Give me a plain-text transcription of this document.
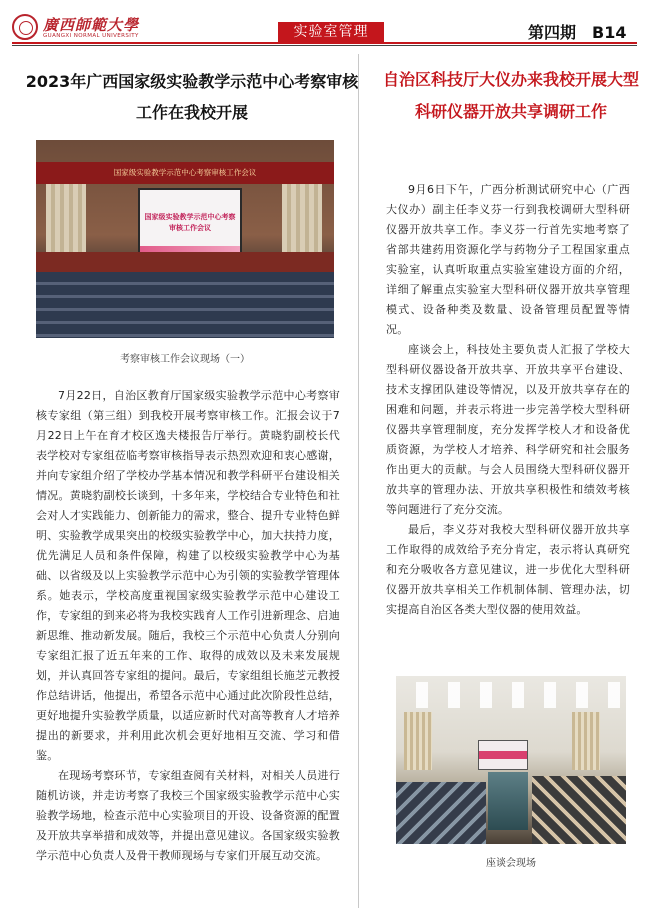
廣西師範大學
GUANGXI NORMAL UNIVERSITY	实验室管理	第四期　B14
2023年广西国家级实验教学示范中心考察审核工作在我校开展
国家级实验教学示范中心考察审核工作会议
国家级实验教学示范中心考察审核工作会议
考察审核工作会议现场（一）

7月22日，自治区教育厅国家级实验教学示范中心考察审核专家组（第三组）到我校开展考察审核工作。汇报会议于7月22日上午在育才校区逸夫楼报告厅举行。黄晓豹副校长代表学校对专家组莅临考察审核指导表示热烈欢迎和衷心感谢，并向专家组介绍了学校办学基本情况和教学科研平台建设相关情况。黄晓豹副校长谈到，十多年来，学校结合专业特色和社会对人才实践能力、创新能力的需求，整合、提升专业特色鲜明、实验教学成果突出的校级实验教学中心，加大扶持力度，优先满足人员和条件保障，构建了以校级实验教学中心为基础、以省级及以上实验教学示范中心为引领的实验教学管理体系。她表示，学校高度重视国家级实验教学示范中心建设工作，专家组的到来必将为我校实践育人工作引进新理念、启迪新思维、推动新发展。随后，我校三个示范中心负责人分别向专家组汇报了近五年来的工作、取得的成效以及未来发展规划，并认真回答专家组的提问。最后，专家组组长施芝元教授作总结讲话，他提出，希望各示范中心通过此次阶段性总结，更好地提升实验教学质量，以适应新时代对高等教育人才培养提出的新要求，并利用此次机会更好地相互交流、学习和借鉴。

在现场考察环节，专家组查阅有关材料，对相关人员进行随机访谈，并走访考察了我校三个国家级实验教学示范中心实验教学场地，检查示范中心实验项目的开设、设备资源的配置及开放共享举措和成效等，并提出意见建议。各国家级实验教学示范中心负责人及骨干教师现场与专家们开展互动交流。

自治区科技厅大仪办来我校开展大型科研仪器开放共享调研工作

9月6日下午，广西分析测试研究中心（广西大仪办）副主任李义芬一行到我校调研大型科研仪器开放共享工作。李义芬一行首先实地考察了省部共建药用资源化学与药物分子工程国家重点实验室，认真听取重点实验室建设方面的介绍，详细了解重点实验室大型科研仪器开放共享管理模式、设备种类及数量、设备管理员配置等情况。

座谈会上，科技处主要负责人汇报了学校大型科研仪器设备开放共享、开放共享平台建设、技术支撑团队建设等情况，以及开放共享存在的困难和问题，并表示将进一步完善学校大型科研仪器共享管理制度，充分发挥学校人才和设备优质资源，为学校人才培养、科学研究和社会服务作出更大的贡献。与会人员围绕大型科研仪器开放共享的管理办法、开放共享积极性和绩效考核等问题进行了充分交流。

最后，李义芬对我校大型科研仪器开放共享工作取得的成效给予充分肯定，表示将认真研究和充分吸收各方意见建议，进一步优化大型科研仪器开放共享相关工作机制体制、管理办法，切实提高自治区各类大型仪器的使用效益。

座谈会现场
